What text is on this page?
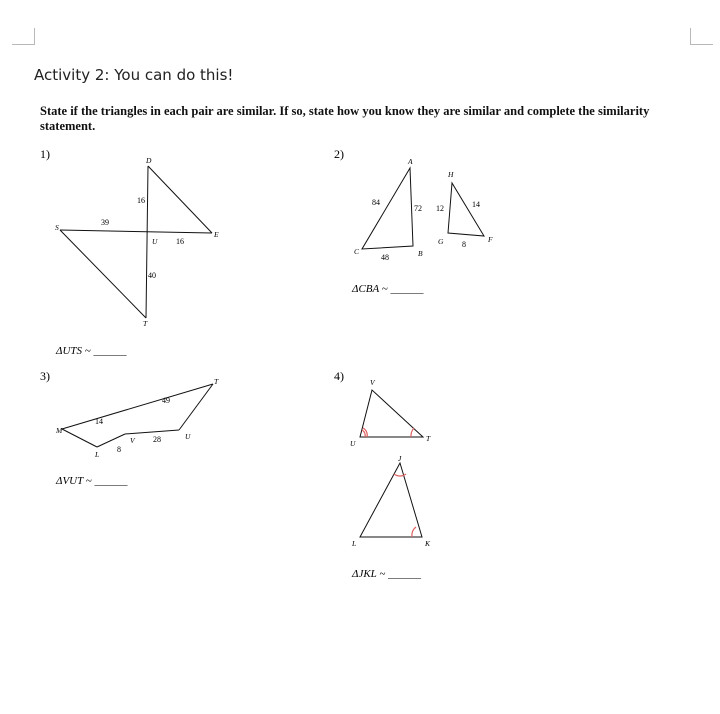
Activity 2: You can do this!
State if the triangles in each pair are similar. If so, state how you know they are similar and complete the similarity statement.
1)	2)
3)	4)
D
S
U
E
T
16
39
16
40
ΔUTS ~ ______
A
H
C	B
G	F
84
72 12	14
48
8
ΔCBA ~ ______
T
M
L
V	U
49
14
8
28
ΔVUT ~ ______
V
U
T
J
L	K
ΔJKL ~ ______
